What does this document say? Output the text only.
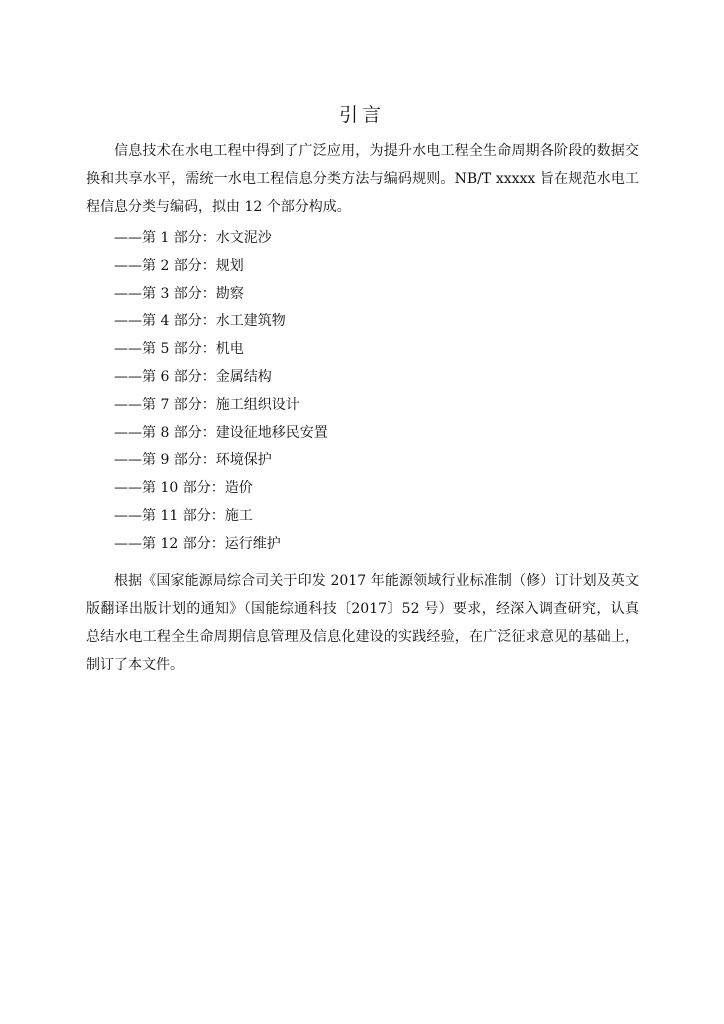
引言

信息技术在水电工程中得到了广泛应用，为提升水电工程全生命周期各阶段的数据交换和共享水平，需统一水电工程信息分类方法与编码规则。NB/T xxxxx 旨在规范水电工程信息分类与编码，拟由 12 个部分构成。

——第 1 部分：水文泥沙
——第 2 部分：规划
——第 3 部分：勘察
——第 4 部分：水工建筑物
——第 5 部分：机电
——第 6 部分：金属结构
——第 7 部分：施工组织设计
——第 8 部分：建设征地移民安置
——第 9 部分：环境保护
——第 10 部分：造价
——第 11 部分：施工
——第 12 部分：运行维护

根据《国家能源局综合司关于印发 2017 年能源领域行业标准制（修）订计划及英文版翻译出版计划的通知》（国能综通科技〔2017〕52 号）要求，经深入调查研究，认真总结水电工程全生命周期信息管理及信息化建设的实践经验，在广泛征求意见的基础上，制订了本文件。
